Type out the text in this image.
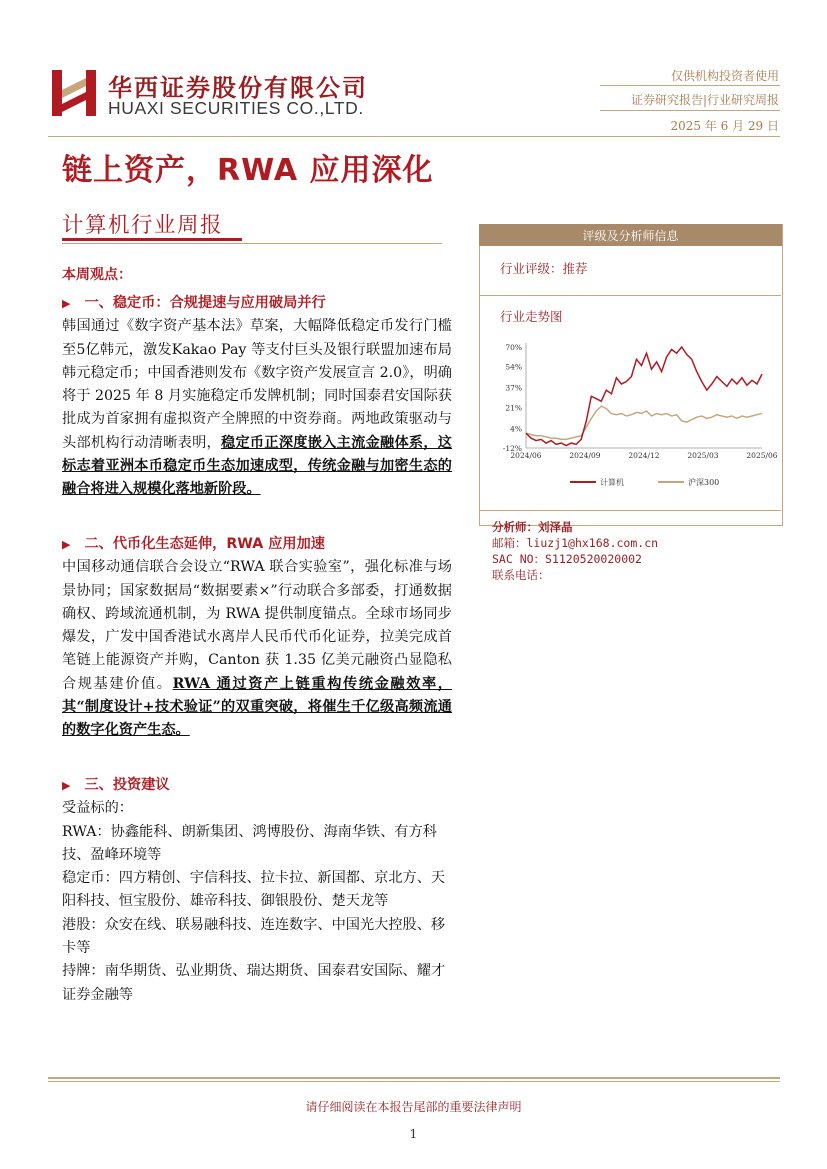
华西证券股份有限公司
HUAXI SECURITIES CO.,LTD.
仅供机构投资者使用
证券研究报告|行业研究周报
2025 年 6 月 29 日
链上资产，RWA 应用深化
计算机行业周报
本周观点：
▶ 一、稳定币：合规提速与应用破局并行
韩国通过《数字资产基本法》草案，大幅降低稳定币发行门槛至5亿韩元，激发Kakao Pay 等支付巨头及银行联盟加速布局韩元稳定币；中国香港则发布《数字资产发展宣言 2.0》，明确将于 2025 年 8 月实施稳定币发牌机制；同时国泰君安国际获批成为首家拥有虚拟资产全牌照的中资券商。两地政策驱动与头部机构行动清晰表明，稳定币正深度嵌入主流金融体系，这标志着亚洲本币稳定币生态加速成型，传统金融与加密生态的融合将进入规模化落地新阶段。
▶ 二、代币化生态延伸，RWA 应用加速
中国移动通信联合会设立“RWA 联合实验室”，强化标准与场景协同；国家数据局“数据要素×”行动联合多部委，打通数据确权、跨域流通机制，为 RWA 提供制度锚点。全球市场同步爆发，广发中国香港试水离岸人民币代币化证券，拉美完成首笔链上能源资产并购，Canton 获 1.35 亿美元融资凸显隐私合规基建价值。RWA 通过资产上链重构传统金融效率，其“制度设计+技术验证”的双重突破，将催生千亿级高频流通的数字化资产生态。
▶ 三、投资建议
受益标的：
RWA：协鑫能科、朗新集团、鸿博股份、海南华铁、有方科技、盈峰环境等
稳定币：四方精创、宇信科技、拉卡拉、新国都、京北方、天阳科技、恒宝股份、雄帝科技、御银股份、楚天龙等
港股：众安在线、联易融科技、连连数字、中国光大控股、移卡等
持牌：南华期货、弘业期货、瑞达期货、国泰君安国际、耀才证券金融等
评级及分析师信息
行业评级：推荐
行业走势图
70%
54%
37%
21%
4%
-12%
2024/06	2024/09	2024/12	2025/03	2025/06
计算机	沪深300
分析师：刘泽晶
邮箱：liuzj1@hx168.com.cn
SAC NO：S1120520020002
联系电话：
请仔细阅读在本报告尾部的重要法律声明
1
